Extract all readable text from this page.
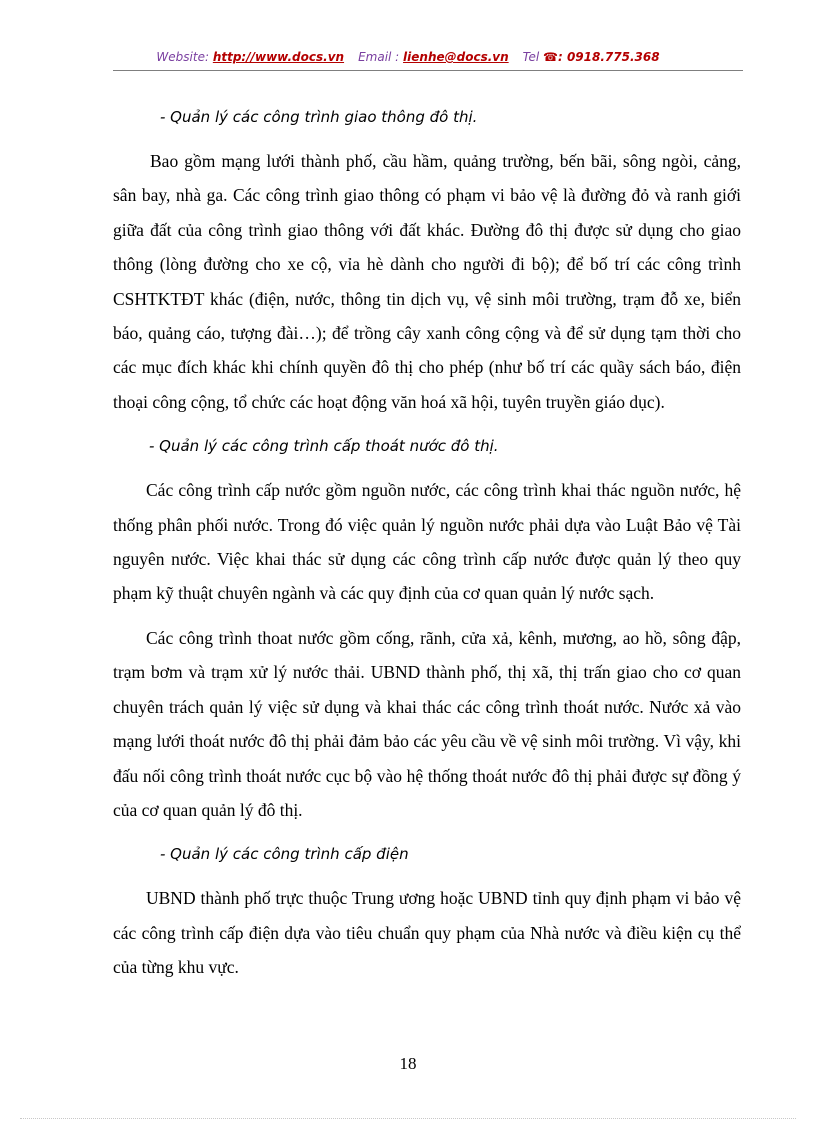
Website: http://www.docs.vn Email : lienhe@docs.vn Tel ☎: 0918.775.368
- Quản lý các công trình giao thông đô thị.

Bao gồm mạng lưới thành phố, cầu hầm, quảng trường, bến bãi, sông ngòi, cảng, sân bay, nhà ga. Các công trình giao thông có phạm vi bảo vệ là đường đỏ và ranh giới giữa đất của công trình giao thông với đất khác. Đường đô thị được sử dụng cho giao thông (lòng đường cho xe cộ, vỉa hè dành cho người đi bộ); để bố trí các công trình CSHTKTĐT khác (điện, nước, thông tin dịch vụ, vệ sinh môi trường, trạm đỗ xe, biển báo, quảng cáo, tượng đài…); để trồng cây xanh công cộng và để sử dụng tạm thời cho các mục đích khác khi chính quyền đô thị cho phép (như bố trí các quầy sách báo, điện thoại công cộng, tổ chức các hoạt động văn hoá xã hội, tuyên truyền giáo dục).

- Quản lý các công trình cấp thoát nước đô thị.

Các công trình cấp nước gồm nguồn nước, các công trình khai thác nguồn nước, hệ thống phân phối nước. Trong đó việc quản lý nguồn nước phải dựa vào Luật Bảo vệ Tài nguyên nước. Việc khai thác sử dụng các công trình cấp nước được quản lý theo quy phạm kỹ thuật chuyên ngành và các quy định của cơ quan quản lý nước sạch.

Các công trình thoat nước gồm cống, rãnh, cửa xả, kênh, mương, ao hồ, sông đập, trạm bơm và trạm xử lý nước thải. UBND thành phố, thị xã, thị trấn giao cho cơ quan chuyên trách quản lý việc sử dụng và khai thác các công trình thoát nước. Nước xả vào mạng lưới thoát nước đô thị phải đảm bảo các yêu cầu về vệ sinh môi trường. Vì vậy, khi đấu nối công trình thoát nước cục bộ vào hệ thống thoát nước đô thị phải được sự đồng ý của cơ quan quản lý đô thị.

- Quản lý các công trình cấp điện

UBND thành phố trực thuộc Trung ương hoặc UBND tỉnh quy định phạm vi bảo vệ các công trình cấp điện dựa vào tiêu chuẩn quy phạm của Nhà nước và điều kiện cụ thể của từng khu vực.

18
